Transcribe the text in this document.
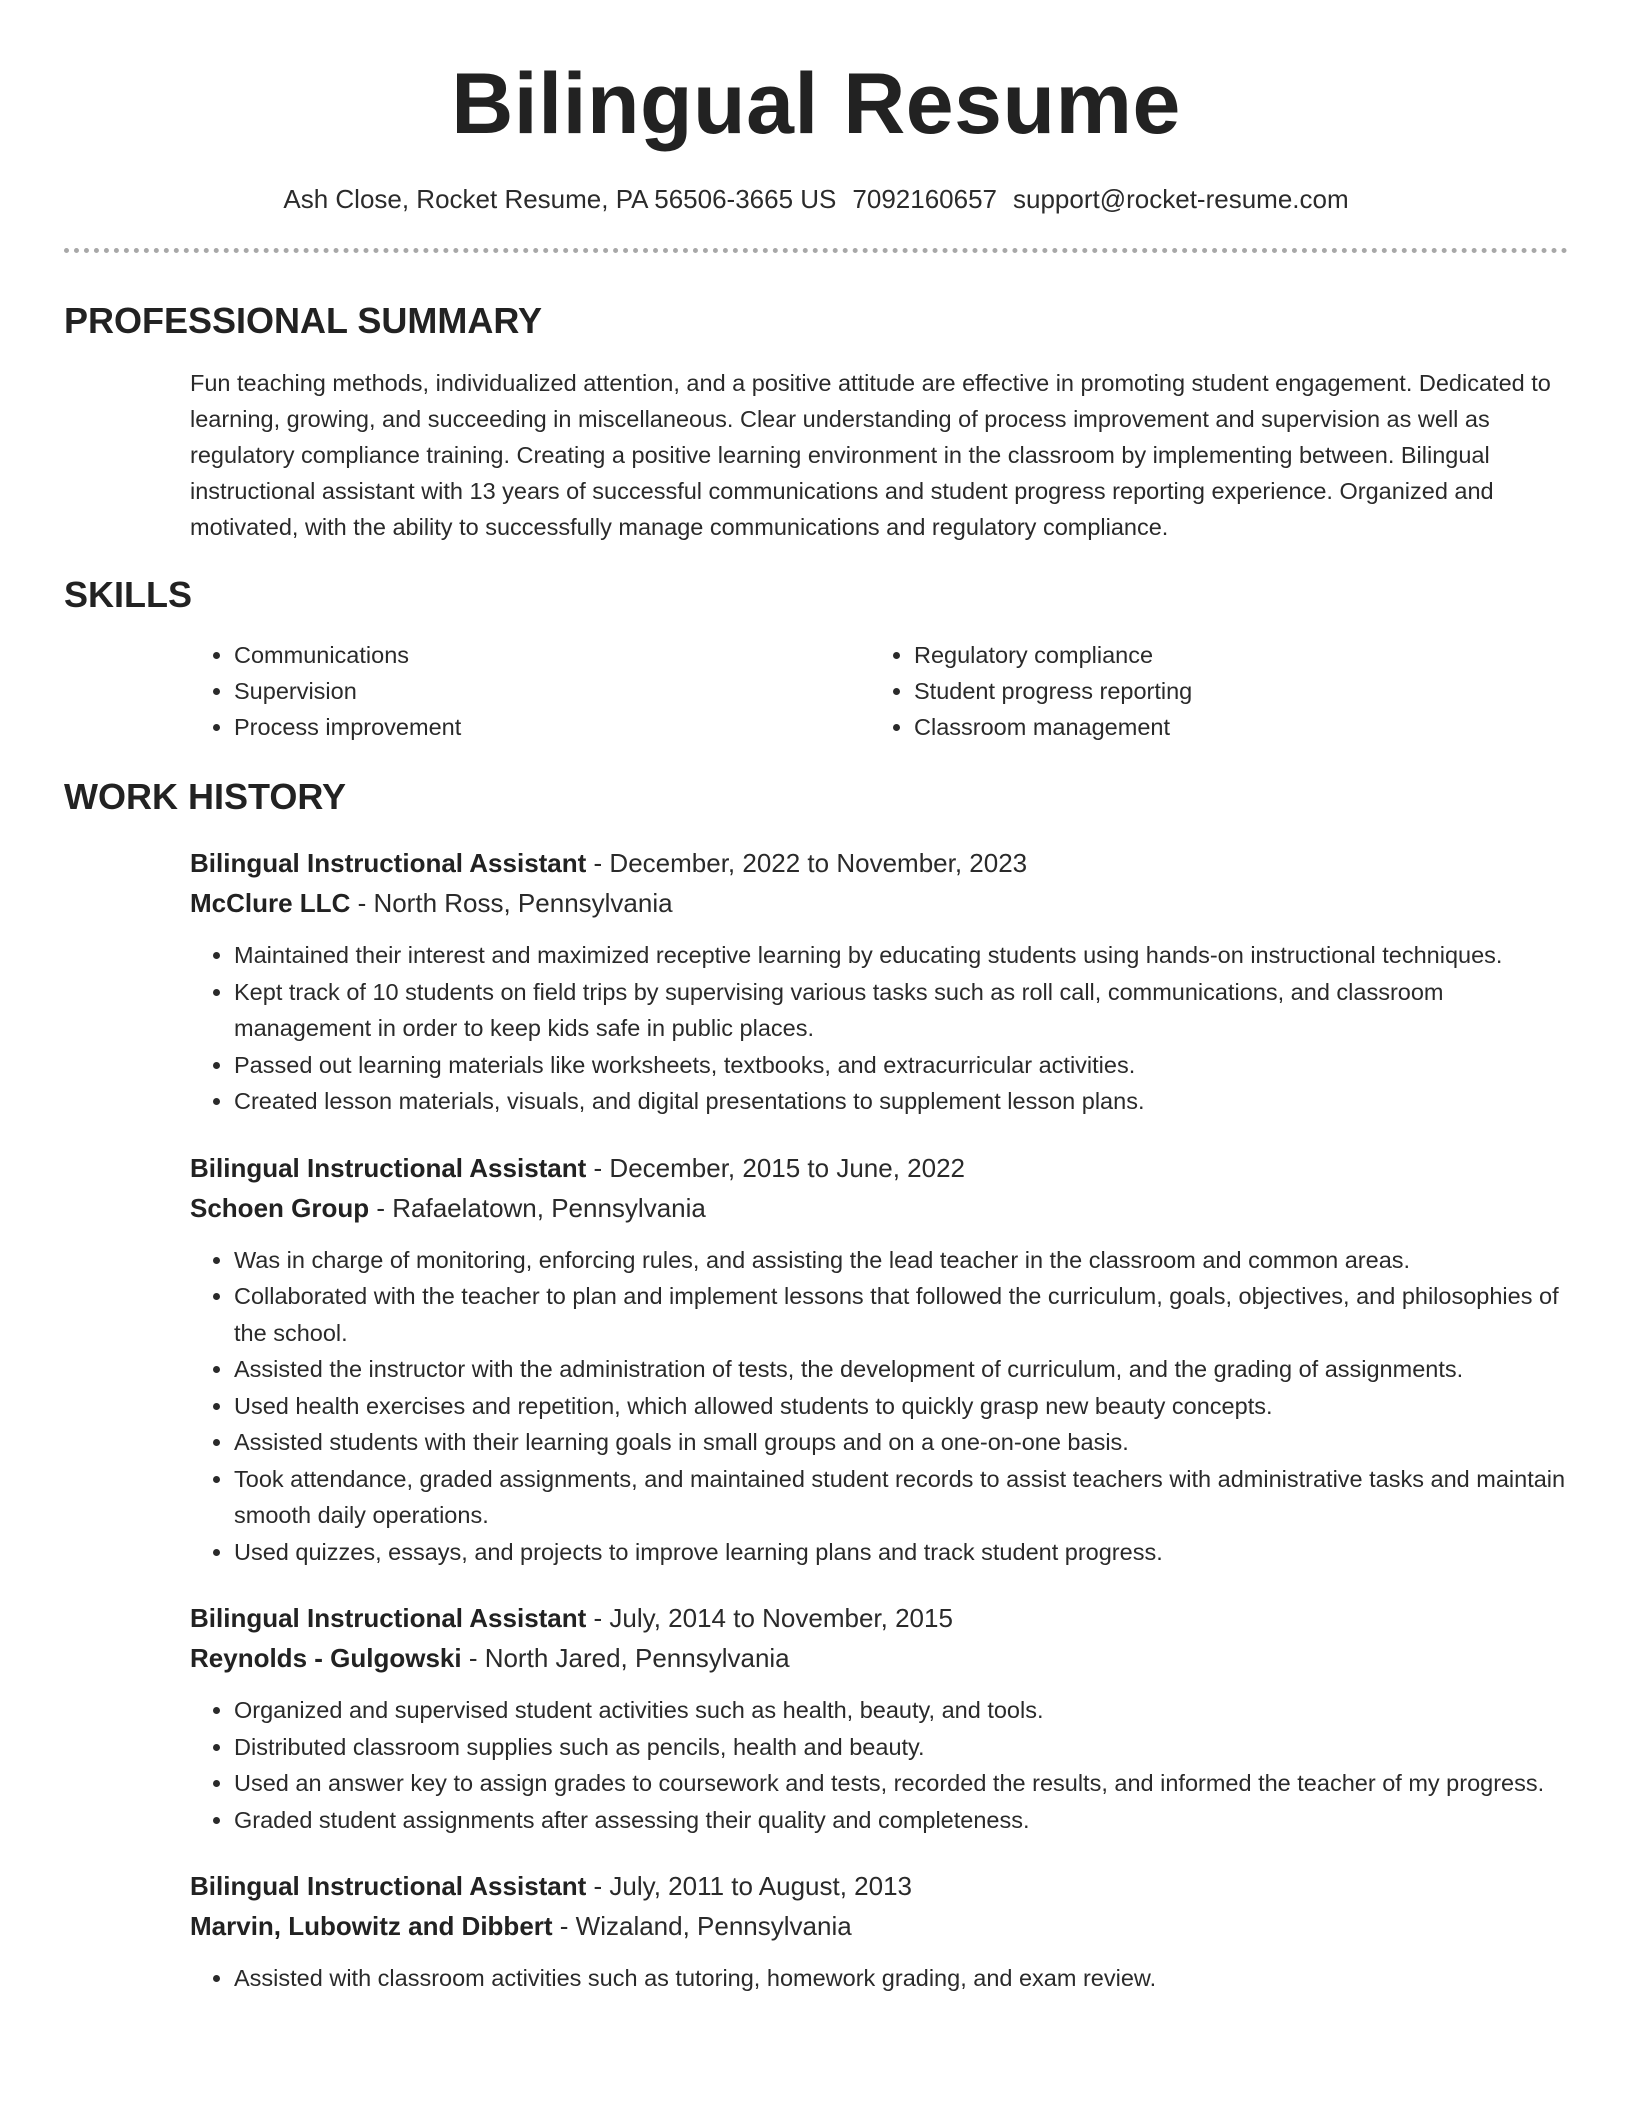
Bilingual Resume
Ash Close, Rocket Resume, PA 56506-3665 US 7092160657 support@rocket-resume.com
PROFESSIONAL SUMMARY

Fun teaching methods, individualized attention, and a positive attitude are effective in promoting student engagement. Dedicated to learning, growing, and succeeding in miscellaneous. Clear understanding of process improvement and supervision as well as regulatory compliance training. Creating a positive learning environment in the classroom by implementing between. Bilingual instructional assistant with 13 years of successful communications and student progress reporting experience. Organized and motivated, with the ability to successfully manage communications and regulatory compliance.

SKILLS
• Communications
• Supervision
• Process improvement
• Regulatory compliance
• Student progress reporting
• Classroom management
WORK HISTORY
Bilingual Instructional Assistant - December, 2022 to November, 2023
McClure LLC - North Ross, Pennsylvania
• Maintained their interest and maximized receptive learning by educating students using hands-on instructional techniques.
• Kept track of 10 students on field trips by supervising various tasks such as roll call, communications, and classroom management in order to keep kids safe in public places.
• Passed out learning materials like worksheets, textbooks, and extracurricular activities.
• Created lesson materials, visuals, and digital presentations to supplement lesson plans.
Bilingual Instructional Assistant - December, 2015 to June, 2022
Schoen Group - Rafaelatown, Pennsylvania
• Was in charge of monitoring, enforcing rules, and assisting the lead teacher in the classroom and common areas.
• Collaborated with the teacher to plan and implement lessons that followed the curriculum, goals, objectives, and philosophies of the school.
• Assisted the instructor with the administration of tests, the development of curriculum, and the grading of assignments.
• Used health exercises and repetition, which allowed students to quickly grasp new beauty concepts.
• Assisted students with their learning goals in small groups and on a one-on-one basis.
• Took attendance, graded assignments, and maintained student records to assist teachers with administrative tasks and maintain smooth daily operations.
• Used quizzes, essays, and projects to improve learning plans and track student progress.
Bilingual Instructional Assistant - July, 2014 to November, 2015
Reynolds - Gulgowski - North Jared, Pennsylvania
• Organized and supervised student activities such as health, beauty, and tools.
• Distributed classroom supplies such as pencils, health and beauty.
• Used an answer key to assign grades to coursework and tests, recorded the results, and informed the teacher of my progress.
• Graded student assignments after assessing their quality and completeness.
Bilingual Instructional Assistant - July, 2011 to August, 2013
Marvin, Lubowitz and Dibbert - Wizaland, Pennsylvania
• Assisted with classroom activities such as tutoring, homework grading, and exam review.
